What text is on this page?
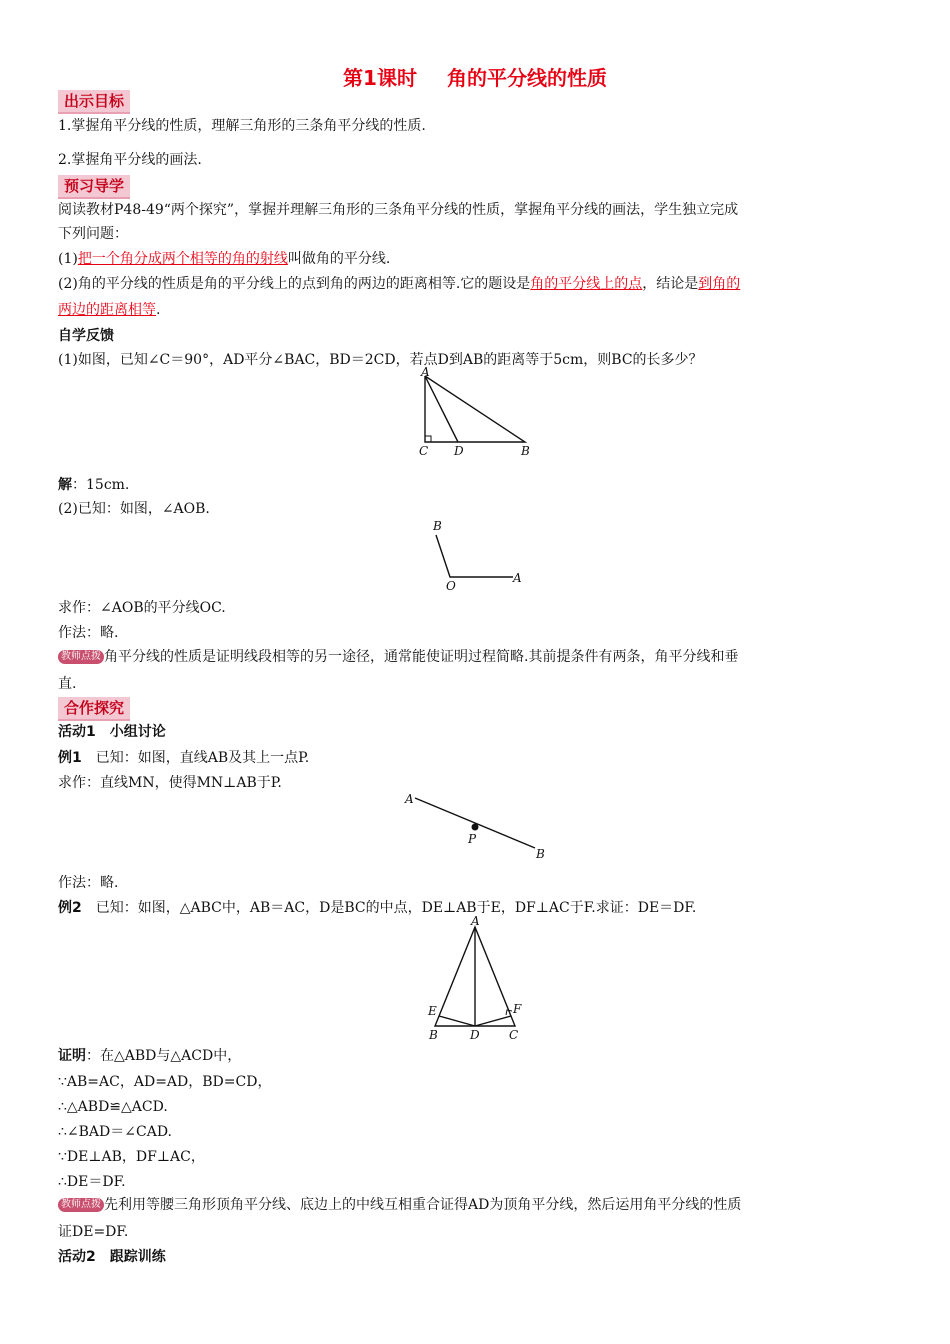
第1课时 角的平分线的性质
出示目标
1.掌握角平分线的性质，理解三角形的三条角平分线的性质.
2.掌握角平分线的画法.
预习导学
阅读教材P48-49“两个探究”，掌握并理解三角形的三条角平分线的性质，掌握角平分线的画法，学生独立完成
下列问题：
(1)把一个角分成两个相等的角的射线叫做角的平分线.
(2)角的平分线的性质是角的平分线上的点到角的两边的距离相等.它的题设是角的平分线上的点，结论是到角的
两边的距离相等.
自学反馈
(1)如图，已知∠C＝90°，AD平分∠BAC，BD＝2CD，若点D到AB的距离等于5cm，则BC的长多少？
A
C D	B
解：15cm.
(2)已知：如图，∠AOB.
B
O
A
求作：∠AOB的平分线OC.
作法：略.
教师点拨 角平分线的性质是证明线段相等的另一途径，通常能使证明过程简略.其前提条件有两条，角平分线和垂
直.
合作探究
活动1　小组讨论
例1　已知：如图，直线AB及其上一点P.
求作：直线MN，使得MN⊥AB于P.
A
P
B
作法：略.
例2　已知：如图，△ABC中，AB＝AC，D是BC的中点，DE⊥AB于E，DF⊥AC于F.求证：DE＝DF.
A
E	F
B	D C
证明：在△ABD与△ACD中，
∵AB=AC，AD=AD，BD=CD，
∴△ABD≌△ACD.
∴∠BAD＝∠CAD.
∵DE⊥AB，DF⊥AC，
∴DE＝DF.
教师点拨 先利用等腰三角形顶角平分线、底边上的中线互相重合证得AD为顶角平分线，然后运用角平分线的性质
证DE=DF.
活动2　跟踪训练
